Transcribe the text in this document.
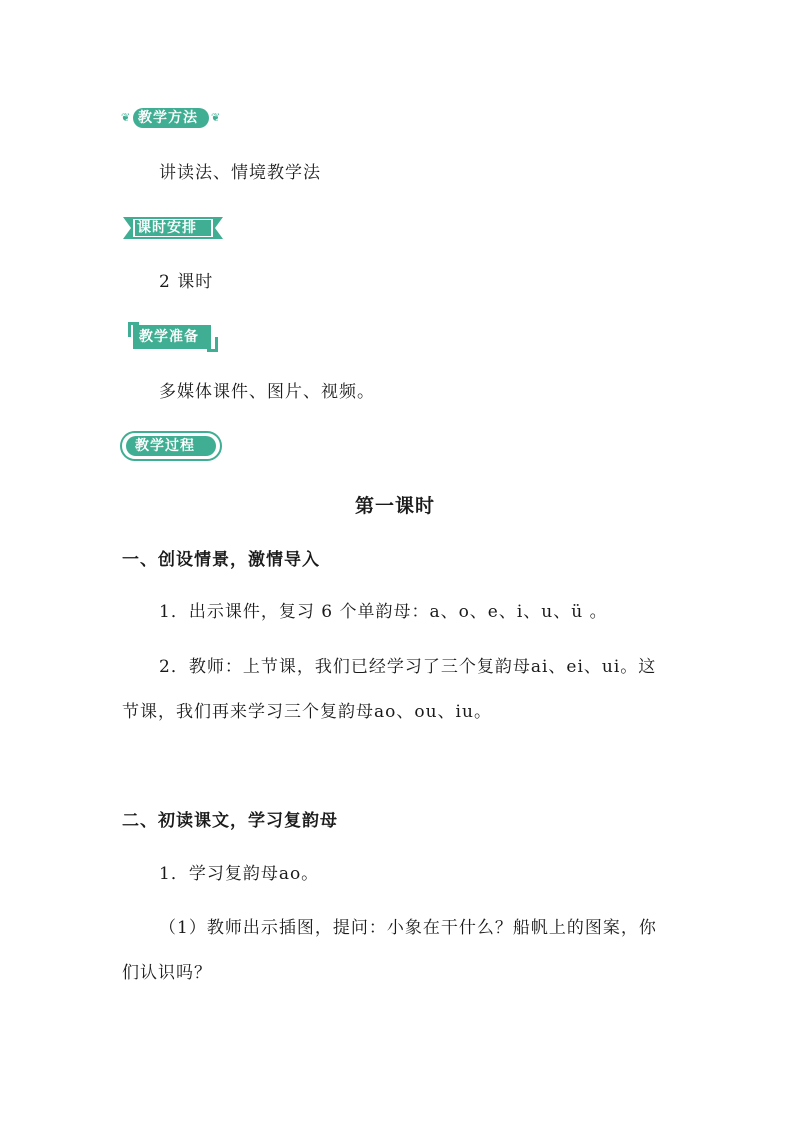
❦ 教学方法 ❦
讲读法、情境教学法
课时安排
2 课时
教学准备
多媒体课件、图片、视频。
教学过程
第一课时
一、创设情景，激情导入
1．出示课件，复习 6 个单韵母：a、o、e、i、u、ü 。
2．教师：上节课，我们已经学习了三个复韵母ai、ei、ui。这
节课，我们再来学习三个复韵母ao、ou、iu。
二、初读课文，学习复韵母
1．学习复韵母ao。
（1）教师出示插图，提问：小象在干什么？船帆上的图案，你
们认识吗？
